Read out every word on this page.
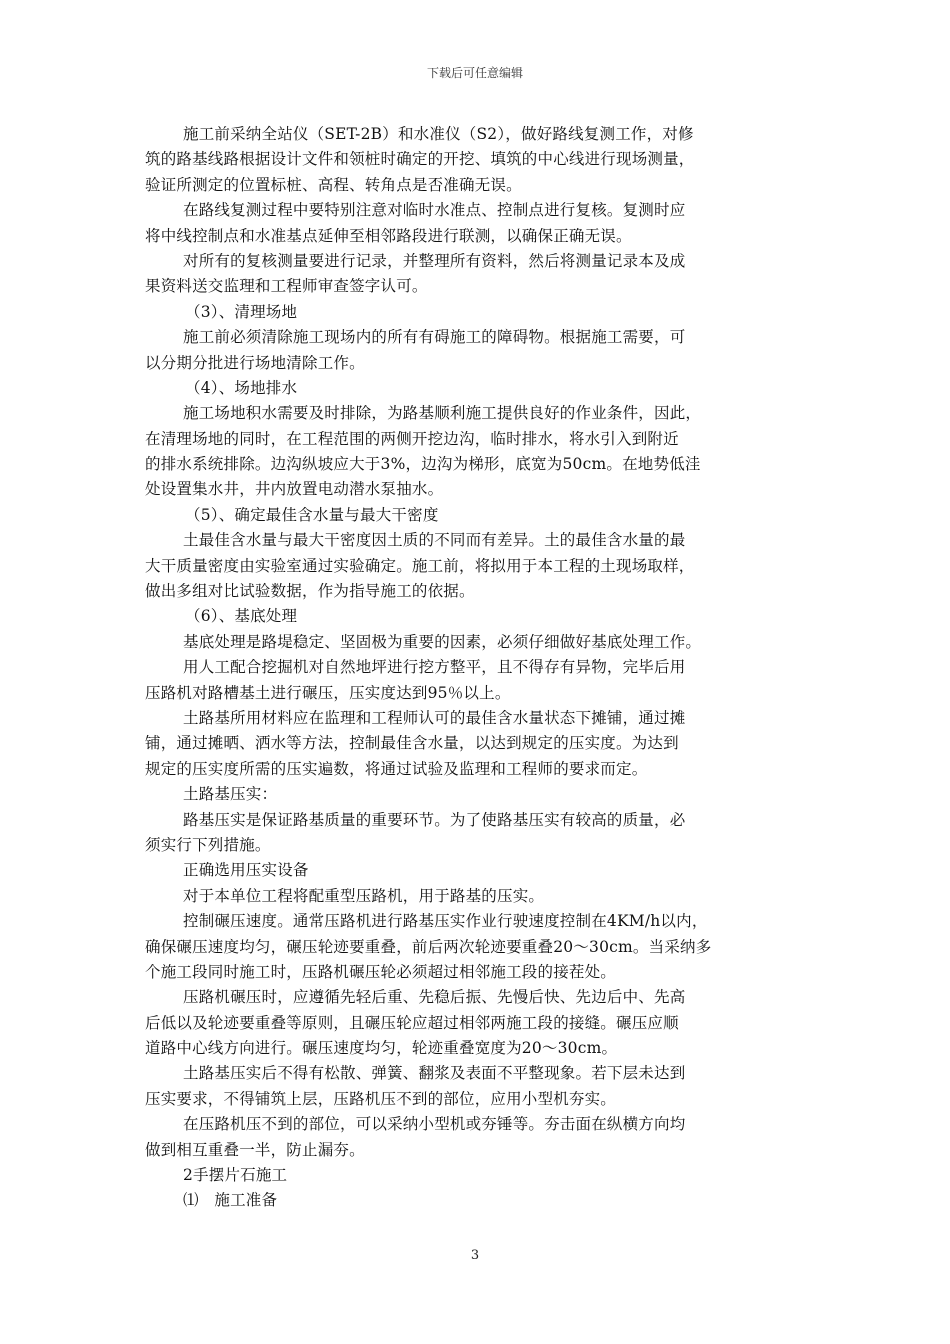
下载后可任意编辑
施工前采纳全站仪（SET-2B）和水准仪（S2），做好路线复测工作，对修
筑的路基线路根据设计文件和领桩时确定的开挖、填筑的中心线进行现场测量，
验证所测定的位置标桩、高程、转角点是否准确无误。
在路线复测过程中要特别注意对临时水准点、控制点进行复核。复测时应
将中线控制点和水准基点延伸至相邻路段进行联测，以确保正确无误。
对所有的复核测量要进行记录，并整理所有资料，然后将测量记录本及成
果资料送交监理和工程师审查签字认可。
（3）、清理场地
施工前必须清除施工现场内的所有有碍施工的障碍物。根据施工需要，可
以分期分批进行场地清除工作。
（4）、场地排水
施工场地积水需要及时排除，为路基顺利施工提供良好的作业条件，因此，
在清理场地的同时，在工程范围的两侧开挖边沟，临时排水，将水引入到附近
的排水系统排除。边沟纵坡应大于3%，边沟为梯形，底宽为50cm。在地势低洼
处设置集水井，井内放置电动潜水泵抽水。
（5）、确定最佳含水量与最大干密度
土最佳含水量与最大干密度因土质的不同而有差异。土的最佳含水量的最
大干质量密度由实验室通过实验确定。施工前，将拟用于本工程的土现场取样，
做出多组对比试验数据，作为指导施工的依据。
（6）、基底处理
基底处理是路堤稳定、坚固极为重要的因素，必须仔细做好基底处理工作。
用人工配合挖掘机对自然地坪进行挖方整平，且不得存有异物，完毕后用
压路机对路槽基土进行碾压，压实度达到95％以上。
土路基所用材料应在监理和工程师认可的最佳含水量状态下摊铺，通过摊
铺，通过摊晒、洒水等方法，控制最佳含水量，以达到规定的压实度。为达到
规定的压实度所需的压实遍数，将通过试验及监理和工程师的要求而定。
土路基压实：
路基压实是保证路基质量的重要环节。为了使路基压实有较高的质量，必
须实行下列措施。
正确选用压实设备
对于本单位工程将配重型压路机，用于路基的压实。
控制碾压速度。通常压路机进行路基压实作业行驶速度控制在4KM/h以内，
确保碾压速度均匀，碾压轮迹要重叠，前后两次轮迹要重叠20～30cm。当采纳多
个施工段同时施工时，压路机碾压轮必须超过相邻施工段的接茬处。
压路机碾压时，应遵循先轻后重、先稳后振、先慢后快、先边后中、先高
后低以及轮迹要重叠等原则，且碾压轮应超过相邻两施工段的接缝。碾压应顺
道路中心线方向进行。碾压速度均匀，轮迹重叠宽度为20～30cm。
土路基压实后不得有松散、弹簧、翻浆及表面不平整现象。若下层未达到
压实要求，不得铺筑上层，压路机压不到的部位，应用小型机夯实。
在压路机压不到的部位，可以采纳小型机或夯锤等。夯击面在纵横方向均
做到相互重叠一半，防止漏夯。
2手摆片石施工
⑴　施工准备
3
